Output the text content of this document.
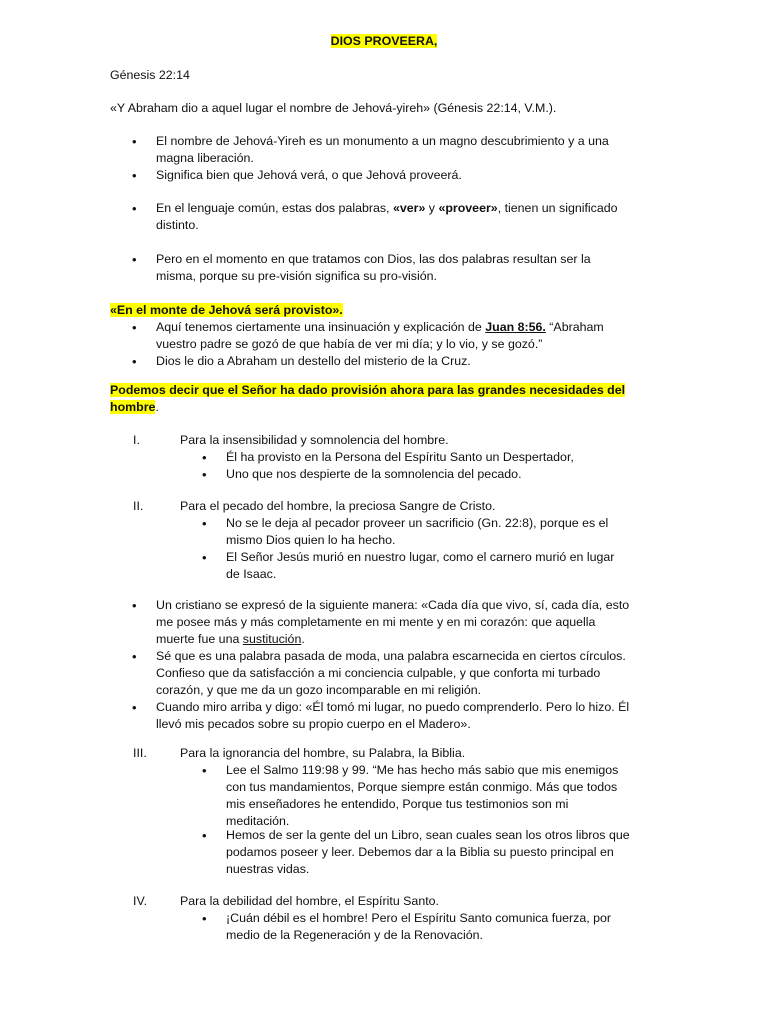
DIOS PROVEERA,
Génesis 22:14
«Y Abraham dio a aquel lugar el nombre de Jehová-yireh» (Génesis 22:14, V.M.).
• El nombre de Jehová-Yireh es un monumento a un magno descubrimiento y a una magna liberación.
• Significa bien que Jehová verá, o que Jehová proveerá.
• En el lenguaje común, estas dos palabras, «ver» y «proveer», tienen un significado distinto.
• Pero en el momento en que tratamos con Dios, las dos palabras resultan ser la misma, porque su pre-visión significa su pro-visión.
«En el monte de Jehová será provisto».
• Aquí tenemos ciertamente una insinuación y explicación de Juan 8:56. “Abraham vuestro padre se gozó de que había de ver mi día; y lo vio, y se gozó.”
• Dios le dio a Abraham un destello del misterio de la Cruz.
Podemos decir que el Señor ha dado provisión ahora para las grandes necesidades del hombre.
I.	Para la insensibilidad y somnolencia del hombre.
• Él ha provisto en la Persona del Espíritu Santo un Despertador,
• Uno que nos despierte de la somnolencia del pecado.
II.	Para el pecado del hombre, la preciosa Sangre de Cristo.
• No se le deja al pecador proveer un sacrificio (Gn. 22:8), porque es el mismo Dios quien lo ha hecho.
• El Señor Jesús murió en nuestro lugar, como el carnero murió en lugar de Isaac.
• Un cristiano se expresó de la siguiente manera: «Cada día que vivo, sí, cada día, esto me posee más y más completamente en mi mente y en mi corazón: que aquella muerte fue una sustitución.
• Sé que es una palabra pasada de moda, una palabra escarnecida en ciertos círculos. Confieso que da satisfacción a mi conciencia culpable, y que conforta mi turbado corazón, y que me da un gozo incomparable en mi religión.
• Cuando miro arriba y digo: «Él tomó mi lugar, no puedo comprenderlo. Pero lo hizo. Él llevó mis pecados sobre su propio cuerpo en el Madero».
III.	Para la ignorancia del hombre, su Palabra, la Biblia.
• Lee el Salmo 119:98 y 99. “Me has hecho más sabio que mis enemigos con tus mandamientos, Porque siempre están conmigo. Más que todos mis enseñadores he entendido, Porque tus testimonios son mi meditación.
• Hemos de ser la gente del un Libro, sean cuales sean los otros libros que podamos poseer y leer. Debemos dar a la Biblia su puesto principal en nuestras vidas.
IV.	Para la debilidad del hombre, el Espíritu Santo.
• ¡Cuán débil es el hombre! Pero el Espíritu Santo comunica fuerza, por medio de la Regeneración y de la Renovación.
